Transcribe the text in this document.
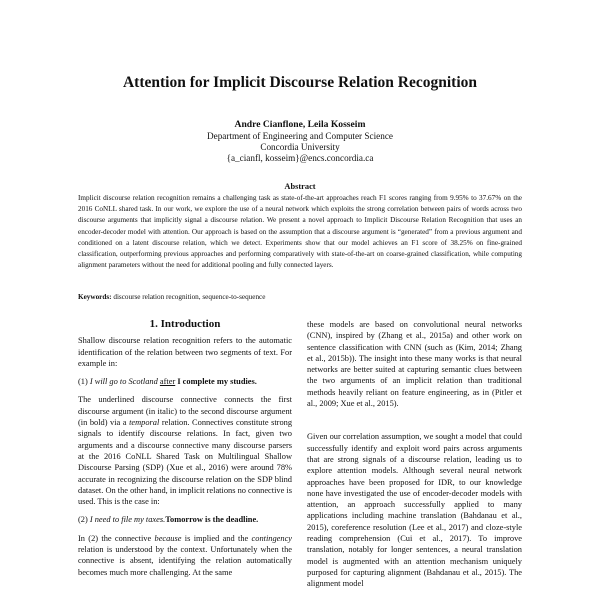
Attention for Implicit Discourse Relation Recognition
Andre Cianflone, Leila Kosseim
Department of Engineering and Computer Science
Concordia University
{a_cianfl, kosseim}@encs.concordia.ca
Abstract
Implicit discourse relation recognition remains a challenging task as state-of-the-art approaches reach F1 scores ranging from 9.95% to 37.67% on the 2016 CoNLL shared task. In our work, we explore the use of a neural network which exploits the strong correlation between pairs of words across two discourse arguments that implicitly signal a discourse relation. We present a novel approach to Implicit Discourse Relation Recognition that uses an encoder-decoder model with attention. Our approach is based on the assumption that a discourse argument is “generated” from a previous argument and conditioned on a latent discourse relation, which we detect. Experiments show that our model achieves an F1 score of 38.25% on fine-grained classification, outperforming previous approaches and performing comparatively with state-of-the-art on coarse-grained classification, while computing alignment parameters without the need for additional pooling and fully connected layers.
Keywords: discourse relation recognition, sequence-to-sequence
1. Introduction

Shallow discourse relation recognition refers to the automatic identification of the relation between two segments of text. For example in:

(1) I will go to Scotland after I complete my studies.

The underlined discourse connective connects the first discourse argument (in italic) to the second discourse argument (in bold) via a temporal relation. Connectives constitute strong signals to identify discourse relations. In fact, given two arguments and a discourse connective many discourse parsers at the 2016 CoNLL Shared Task on Multilingual Shallow Discourse Parsing (SDP) (Xue et al., 2016) were around 78% accurate in recognizing the discourse relation on the SDP blind dataset. On the other hand, in implicit relations no connective is used. This is the case in:

(2) I need to file my taxes.Tomorrow is the deadline.

In (2) the connective because is implied and the contingency relation is understood by the context. Unfortunately when the connective is absent, identifying the relation automatically becomes much more challenging. At the same

these models are based on convolutional neural networks (CNN), inspired by (Zhang et al., 2015a) and other work on sentence classification with CNN (such as (Kim, 2014; Zhang et al., 2015b)). The insight into these many works is that neural networks are better suited at capturing semantic clues between the two arguments of an implicit relation than traditional methods heavily reliant on feature engineering, as in (Pitler et al., 2009; Xue et al., 2015).

Given our correlation assumption, we sought a model that could successfully identify and exploit word pairs across arguments that are strong signals of a discourse relation, leading us to explore attention models. Although several neural network approaches have been proposed for IDR, to our knowledge none have investigated the use of encoder-decoder models with attention, an approach successfully applied to many applications including machine translation (Bahdanau et al., 2015), coreference resolution (Lee et al., 2017) and cloze-style reading comprehension (Cui et al., 2017). To improve translation, notably for longer sentences, a neural translation model is augmented with an attention mechanism uniquely purposed for capturing alignment (Bahdanau et al., 2015). The alignment model
